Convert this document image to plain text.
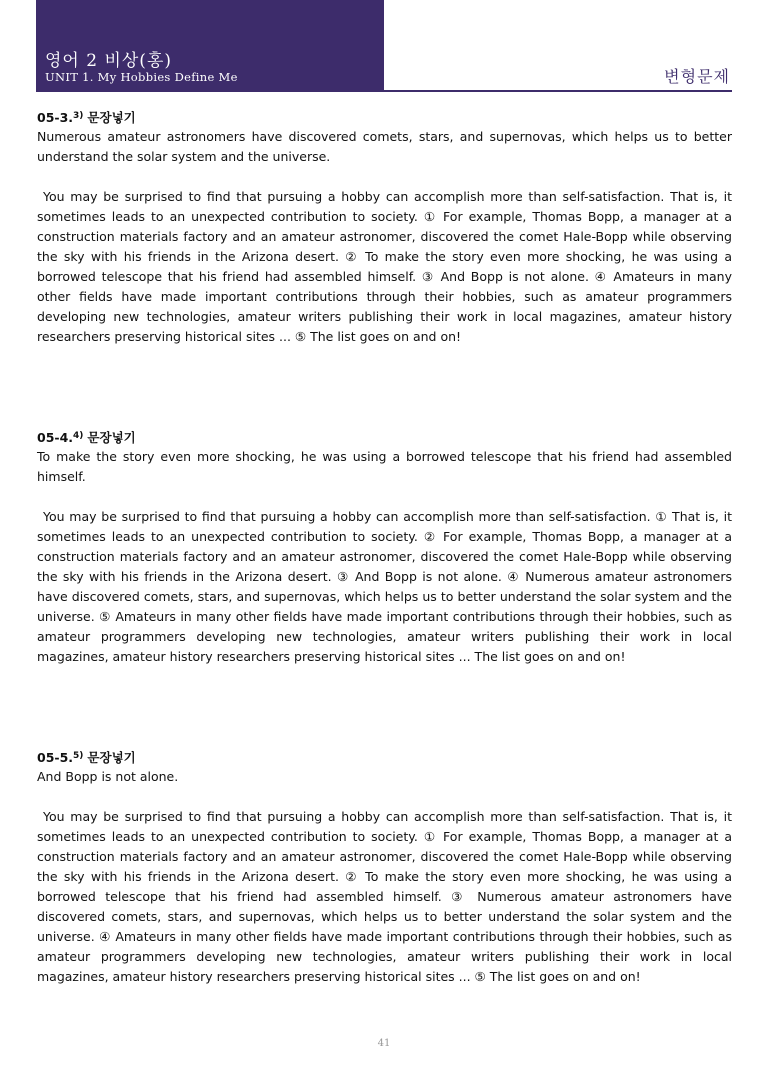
영어 2 비상(홍)
UNIT 1. My Hobbies Define Me	변형문제
05-3.$^{3)}$ 문장넣기

Numerous amateur astronomers have discovered comets, stars, and supernovas, which helps us to better understand the solar system and the universe.

You may be surprised to find that pursuing a hobby can accomplish more than self-satisfaction. That is, it sometimes leads to an unexpected contribution to society. ① For example, Thomas Bopp, a manager at a construction materials factory and an amateur astronomer, discovered the comet Hale-Bopp while observing the sky with his friends in the Arizona desert. ② To make the story even more shocking, he was using a borrowed telescope that his friend had assembled himself. ③ And Bopp is not alone. ④ Amateurs in many other fields have made important contributions through their hobbies, such as amateur programmers developing new technologies, amateur writers publishing their work in local magazines, amateur history researchers preserving historical sites ... ⑤ The list goes on and on!

05-4.$^{4)}$ 문장넣기

To make the story even more shocking, he was using a borrowed telescope that his friend had assembled himself.

You may be surprised to find that pursuing a hobby can accomplish more than self-satisfaction. ① That is, it sometimes leads to an unexpected contribution to society. ② For example, Thomas Bopp, a manager at a construction materials factory and an amateur astronomer, discovered the comet Hale-Bopp while observing the sky with his friends in the Arizona desert. ③ And Bopp is not alone. ④ Numerous amateur astronomers have discovered comets, stars, and supernovas, which helps us to better understand the solar system and the universe. ⑤ Amateurs in many other fields have made important contributions through their hobbies, such as amateur programmers developing new technologies, amateur writers publishing their work in local magazines, amateur history researchers preserving historical sites ... The list goes on and on!

05-5.$^{5)}$ 문장넣기

And Bopp is not alone.

You may be surprised to find that pursuing a hobby can accomplish more than self-satisfaction. That is, it sometimes leads to an unexpected contribution to society. ① For example, Thomas Bopp, a manager at a construction materials factory and an amateur astronomer, discovered the comet Hale-Bopp while observing the sky with his friends in the Arizona desert. ② To make the story even more shocking, he was using a borrowed telescope that his friend had assembled himself. ③ Numerous amateur astronomers have discovered comets, stars, and supernovas, which helps us to better understand the solar system and the universe. ④ Amateurs in many other fields have made important contributions through their hobbies, such as amateur programmers developing new technologies, amateur writers publishing their work in local magazines, amateur history researchers preserving historical sites ... ⑤ The list goes on and on!

41
